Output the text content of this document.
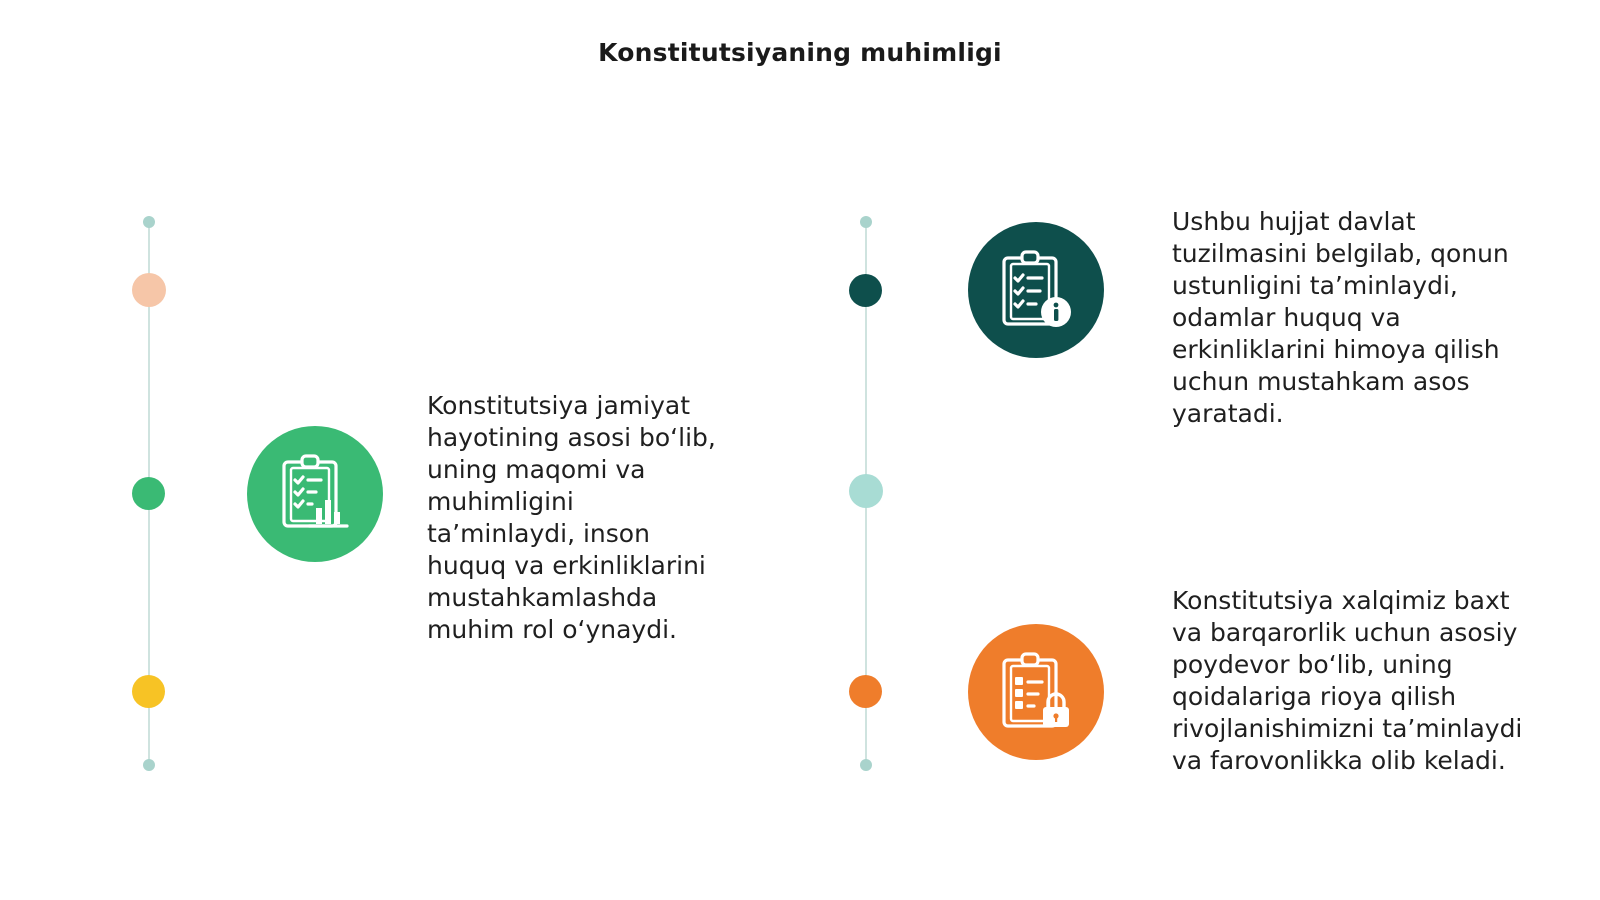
Konstitutsiyaning muhimligi
Konstitutsiya jamiyat
hayotining asosi bo‘lib,
uning maqomi va
muhimligini
ta’minlaydi, inson
huquq va erkinliklarini
mustahkamlashda
muhim rol o‘ynaydi.
Ushbu hujjat davlat
tuzilmasini belgilab, qonun
ustunligini ta’minlaydi,
odamlar huquq va
erkinliklarini himoya qilish
uchun mustahkam asos
yaratadi.
Konstitutsiya xalqimiz baxt
va barqarorlik uchun asosiy
poydevor bo‘lib, uning
qoidalariga rioya qilish
rivojlanishimizni ta’minlaydi
va farovonlikka olib keladi.
